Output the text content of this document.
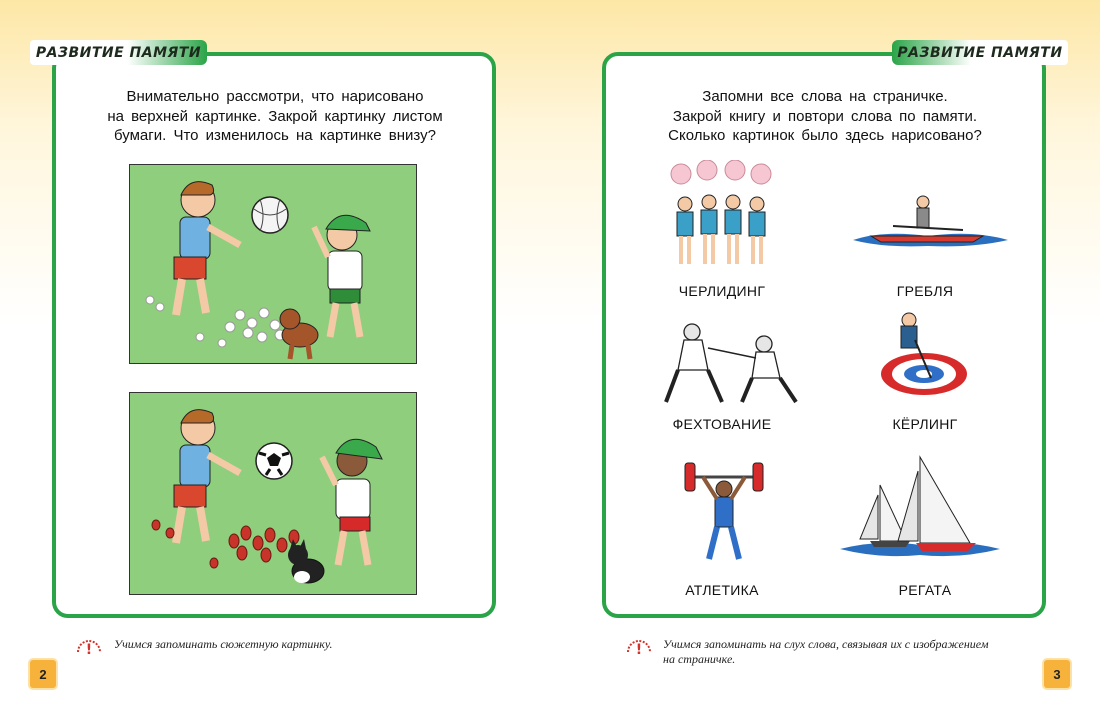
РАЗВИТИЕ ПАМЯТИ
Внимательно рассмотри, что нарисовано
на верхней картинке. Закрой картинку листом
бумаги. Что изменилось на картинке внизу?
! Учимся запоминать сюжетную картинку.
2
РАЗВИТИЕ ПАМЯТИ
Запомни все слова на страничке.
Закрой книгу и повтори слова по памяти.
Сколько картинок было здесь нарисовано?
ЧЕРЛИДИНГ	ГРЕБЛЯ
ФЕХТОВАНИЕ	КЁРЛИНГ
АТЛЕТИКА	РЕГАТА
! Учимся запоминать на слух слова, связывая их с изображением
на страничке.
3
